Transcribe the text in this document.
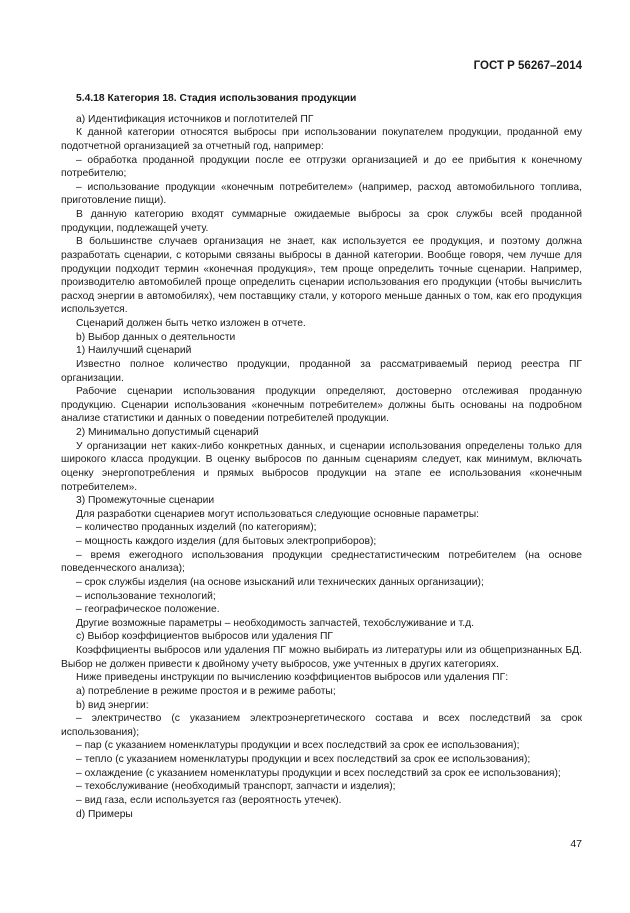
ГОСТ Р 56267–2014

5.4.18 Категория 18. Стадия использования продукции

а) Идентификация источников и поглотителей ПГ

К данной категории относятся выбросы при использовании покупателем продукции, проданной ему подотчетной организацией за отчетный год, например:

– обработка проданной продукции после ее отгрузки организацией и до ее прибытия к конечному потребителю;

– использование продукции «конечным потребителем» (например, расход автомобильного топлива, приготовление пищи).

В данную категорию входят суммарные ожидаемые выбросы за срок службы всей проданной продукции, подлежащей учету.

В большинстве случаев организация не знает, как используется ее продукция, и поэтому должна разработать сценарии, с которыми связаны выбросы в данной категории. Вообще говоря, чем лучше для продукции подходит термин «конечная продукция», тем проще определить точные сценарии. Например, производителю автомобилей проще определить сценарии использования его продукции (чтобы вычислить расход энергии в автомобилях), чем поставщику стали, у которого меньше данных о том, как его продукция используется.

Сценарий должен быть четко изложен в отчете.

b) Выбор данных о деятельности

1) Наилучший сценарий

Известно полное количество продукции, проданной за рассматриваемый период реестра ПГ организации.

Рабочие сценарии использования продукции определяют, достоверно отслеживая проданную продукцию. Сценарии использования «конечным потребителем» должны быть основаны на подробном анализе статистики и данных о поведении потребителей продукции.

2) Минимально допустимый сценарий

У организации нет каких-либо конкретных данных, и сценарии использования определены только для широкого класса продукции. В оценку выбросов по данным сценариям следует, как минимум, включать оценку энергопотребления и прямых выбросов продукции на этапе ее использования «конечным потребителем».

3) Промежуточные сценарии

Для разработки сценариев могут использоваться следующие основные параметры:

– количество проданных изделий (по категориям);

– мощность каждого изделия (для бытовых электроприборов);

– время ежегодного использования продукции среднестатистическим потребителем (на основе поведенческого анализа);

– срок службы изделия (на основе изысканий или технических данных организации);

– использование технологий;

– географическое положение.

Другие возможные параметры – необходимость запчастей, техобслуживание и т.д.

с) Выбор коэффициентов выбросов или удаления ПГ

Коэффициенты выбросов или удаления ПГ можно выбирать из литературы или из общепризнанных БД. Выбор не должен привести к двойному учету выбросов, уже учтенных в других категориях.

Ниже приведены инструкции по вычислению коэффициентов выбросов или удаления ПГ:

а) потребление в режиме простоя и в режиме работы;

b) вид энергии:

– электричество (с указанием электроэнергетического состава и всех последствий за срок использования);

– пар (с указанием номенклатуры продукции и всех последствий за срок ее использования);

– тепло (с указанием номенклатуры продукции и всех последствий за срок ее использования);

– охлаждение (с указанием номенклатуры продукции и всех последствий за срок ее использования);

– техобслуживание (необходимый транспорт, запчасти и изделия);

– вид газа, если используется газ (вероятность утечек).

d) Примеры

47
